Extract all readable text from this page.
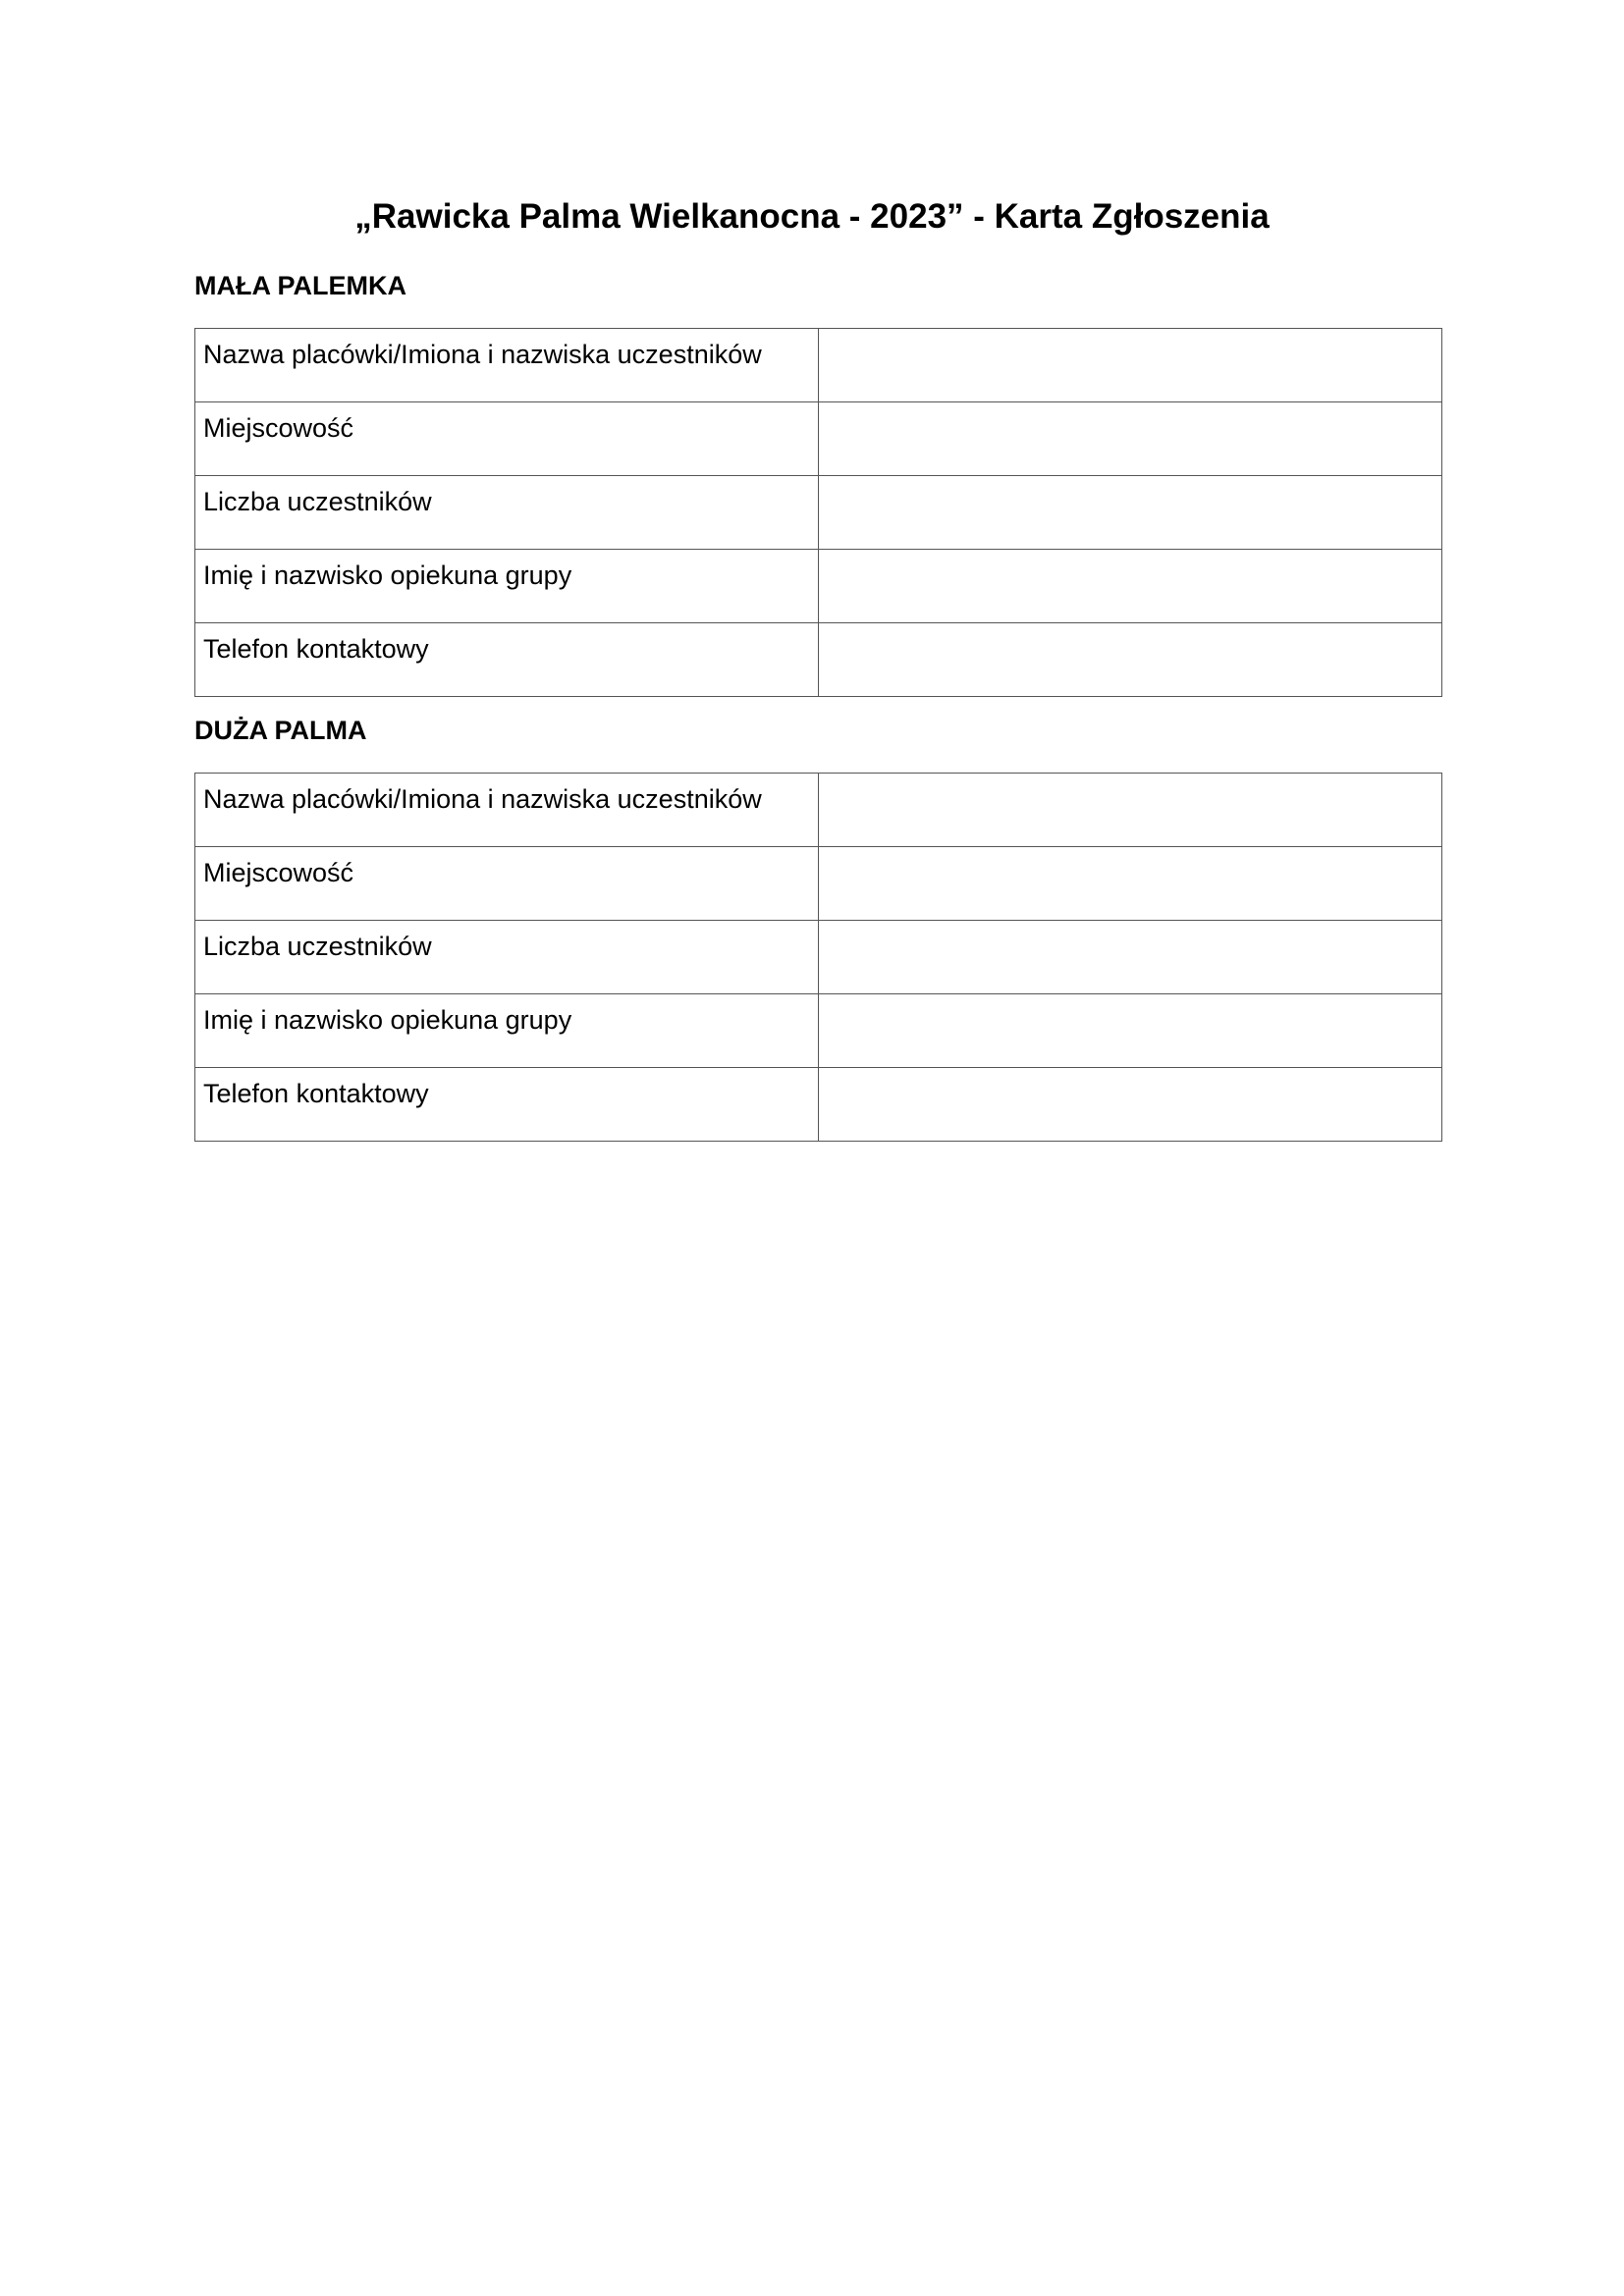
„Rawicka Palma Wielkanocna - 2023” - Karta Zgłoszenia
MAŁA PALEMKA
Nazwa placówki/Imiona i nazwiska uczestników	
Miejscowość	
Liczba uczestników	
Imię i nazwisko opiekuna grupy	
Telefon kontaktowy	
DUŻA PALMA
Nazwa placówki/Imiona i nazwiska uczestników	
Miejscowość	
Liczba uczestników	
Imię i nazwisko opiekuna grupy	
Telefon kontaktowy	
